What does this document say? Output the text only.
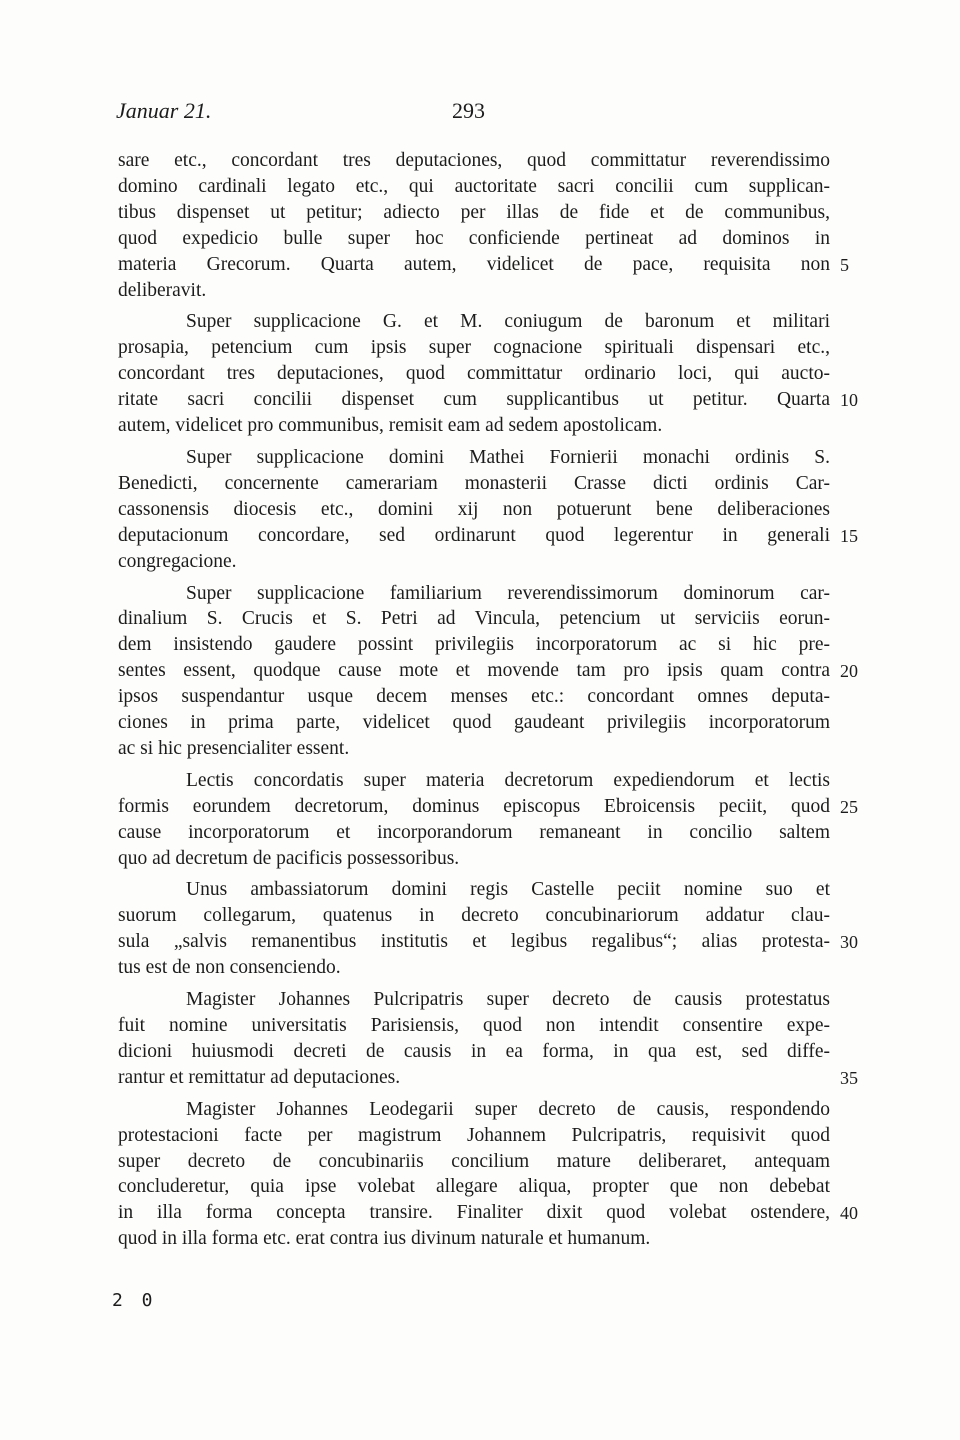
Januar 21.	293

sare etc., concordant tres deputaciones, quod committatur reverendissimo
domino cardinali legato etc., qui auctoritate sacri concilii cum supplican-
tibus dispenset ut petitur; adiecto per illas de fide et de communibus,
quod expedicio bulle super hoc conficiende pertineat ad dominos in
materia Grecorum. Quarta autem, videlicet de pace, requisita non
deliberavit.

Super supplicacione G. et M. coniugum de baronum et militari
prosapia, petencium cum ipsis super cognacione spirituali dispensari etc.,
concordant tres deputaciones, quod committatur ordinario loci, qui aucto-
ritate sacri concilii dispenset cum supplicantibus ut petitur. Quarta
autem, videlicet pro communibus, remisit eam ad sedem apostolicam.

Super supplicacione domini Mathei Fornierii monachi ordinis S.
Benedicti, concernente camerariam monasterii Crasse dicti ordinis Car-
cassonensis diocesis etc., domini xij non potuerunt bene deliberaciones
deputacionum concordare, sed ordinarunt quod legerentur in generali
congregacione.

Super supplicacione familiarium reverendissimorum dominorum car-
dinalium S. Crucis et S. Petri ad Vincula, petencium ut serviciis eorun-
dem insistendo gaudere possint privilegiis incorporatorum ac si hic pre-
sentes essent, quodque cause mote et movende tam pro ipsis quam contra
ipsos suspendantur usque decem menses etc.: concordant omnes deputa-
ciones in prima parte, videlicet quod gaudeant privilegiis incorporatorum
ac si hic presencialiter essent.

Lectis concordatis super materia decretorum expediendorum et lectis
formis eorundem decretorum, dominus episcopus Ebroicensis peciit, quod
cause incorporatorum et incorporandorum remaneant in concilio saltem
quo ad decretum de pacificis possessoribus.

Unus ambassiatorum domini regis Castelle peciit nomine suo et
suorum collegarum, quatenus in decreto concubinariorum addatur clau-
sula „salvis remanentibus institutis et legibus regalibus“; alias protesta-
tus est de non consenciendo.

Magister Johannes Pulcripatris super decreto de causis protestatus
fuit nomine universitatis Parisiensis, quod non intendit consentire expe-
dicioni huiusmodi decreti de causis in ea forma, in qua est, sed diffe-
rantur et remittatur ad deputaciones.

Magister Johannes Leodegarii super decreto de causis, respondendo
protestacioni facte per magistrum Johannem Pulcripatris, requisivit quod
super decreto de concubinariis concilium mature deliberaret, antequam
concluderetur, quia ipse volebat allegare aliqua, propter que non debebat
in illa forma concepta transire. Finaliter dixit quod volebat ostendere,
quod in illa forma etc. erat contra ius divinum naturale et humanum.

5
10
15
20
25
30
35
40
2 0
